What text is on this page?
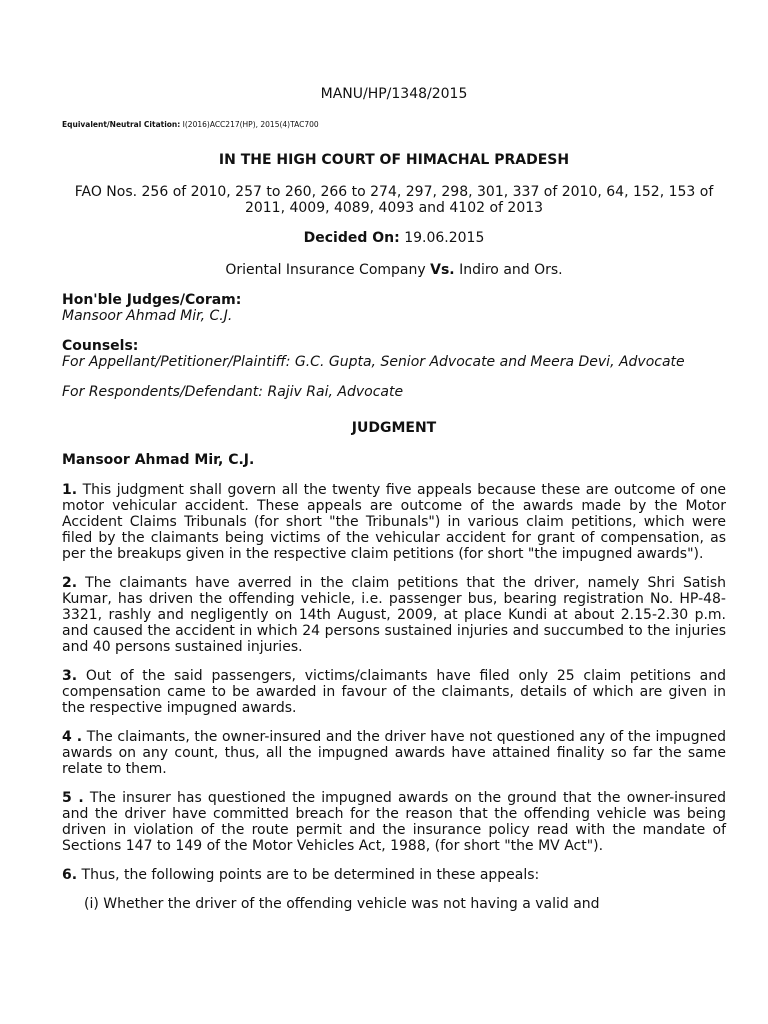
MANU/HP/1348/2015

Equivalent/Neutral Citation: I(2016)ACC217(HP), 2015(4)TAC700

IN THE HIGH COURT OF HIMACHAL PRADESH

FAO Nos. 256 of 2010, 257 to 260, 266 to 274, 297, 298, 301, 337 of 2010, 64, 152, 153 of 2011, 4009, 4089, 4093 and 4102 of 2013

Decided On: 19.06.2015

Oriental Insurance Company Vs. Indiro and Ors.

Hon'ble Judges/Coram:

Mansoor Ahmad Mir, C.J.

Counsels:

For Appellant/Petitioner/Plaintiff: G.C. Gupta, Senior Advocate and Meera Devi, Advocate

For Respondents/Defendant: Rajiv Rai, Advocate

JUDGMENT

Mansoor Ahmad Mir, C.J.

1. This judgment shall govern all the twenty five appeals because these are outcome of one motor vehicular accident. These appeals are outcome of the awards made by the Motor Accident Claims Tribunals (for short "the Tribunals") in various claim petitions, which were filed by the claimants being victims of the vehicular accident for grant of compensation, as per the breakups given in the respective claim petitions (for short "the impugned awards").

2. The claimants have averred in the claim petitions that the driver, namely Shri Satish Kumar, has driven the offending vehicle, i.e. passenger bus, bearing registration No. HP-48-3321, rashly and negligently on 14th August, 2009, at place Kundi at about 2.15-2.30 p.m. and caused the accident in which 24 persons sustained injuries and succumbed to the injuries and 40 persons sustained injuries.

3. Out of the said passengers, victims/claimants have filed only 25 claim petitions and compensation came to be awarded in favour of the claimants, details of which are given in the respective impugned awards.

4 . The claimants, the owner-insured and the driver have not questioned any of the impugned awards on any count, thus, all the impugned awards have attained finality so far the same relate to them.

5 . The insurer has questioned the impugned awards on the ground that the owner-insured and the driver have committed breach for the reason that the offending vehicle was being driven in violation of the route permit and the insurance policy read with the mandate of Sections 147 to 149 of the Motor Vehicles Act, 1988, (for short "the MV Act").

6. Thus, the following points are to be determined in these appeals:

(i) Whether the driver of the offending vehicle was not having a valid and
